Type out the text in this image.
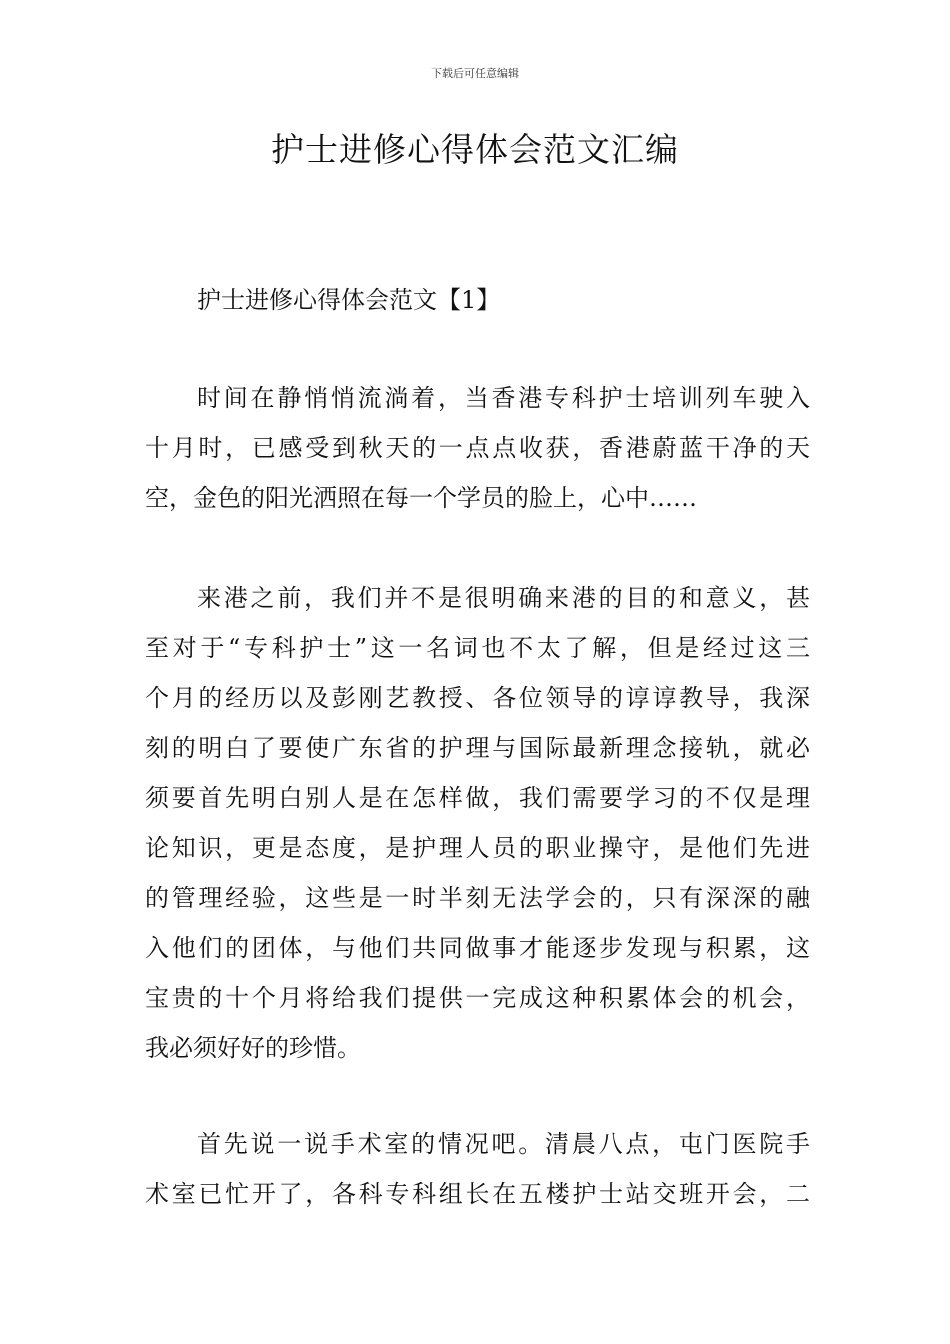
下载后可任意编辑
护士进修心得体会范文汇编
护士进修心得体会范文【1】
时间在静悄悄流淌着，当香港专科护士培训列车驶入
十月时，已感受到秋天的一点点收获，香港蔚蓝干净的天
空，金色的阳光洒照在每一个学员的脸上，心中……
来港之前，我们并不是很明确来港的目的和意义，甚
至对于“专科护士”这一名词也不太了解，但是经过这三
个月的经历以及彭刚艺教授、各位领导的谆谆教导，我深
刻的明白了要使广东省的护理与国际最新理念接轨，就必
须要首先明白别人是在怎样做，我们需要学习的不仅是理
论知识，更是态度，是护理人员的职业操守，是他们先进
的管理经验，这些是一时半刻无法学会的，只有深深的融
入他们的团体，与他们共同做事才能逐步发现与积累，这
宝贵的十个月将给我们提供一完成这种积累体会的机会，
我必须好好的珍惜。
首先说一说手术室的情况吧。清晨八点，屯门医院手
术室已忙开了，各科专科组长在五楼护士站交班开会，二
